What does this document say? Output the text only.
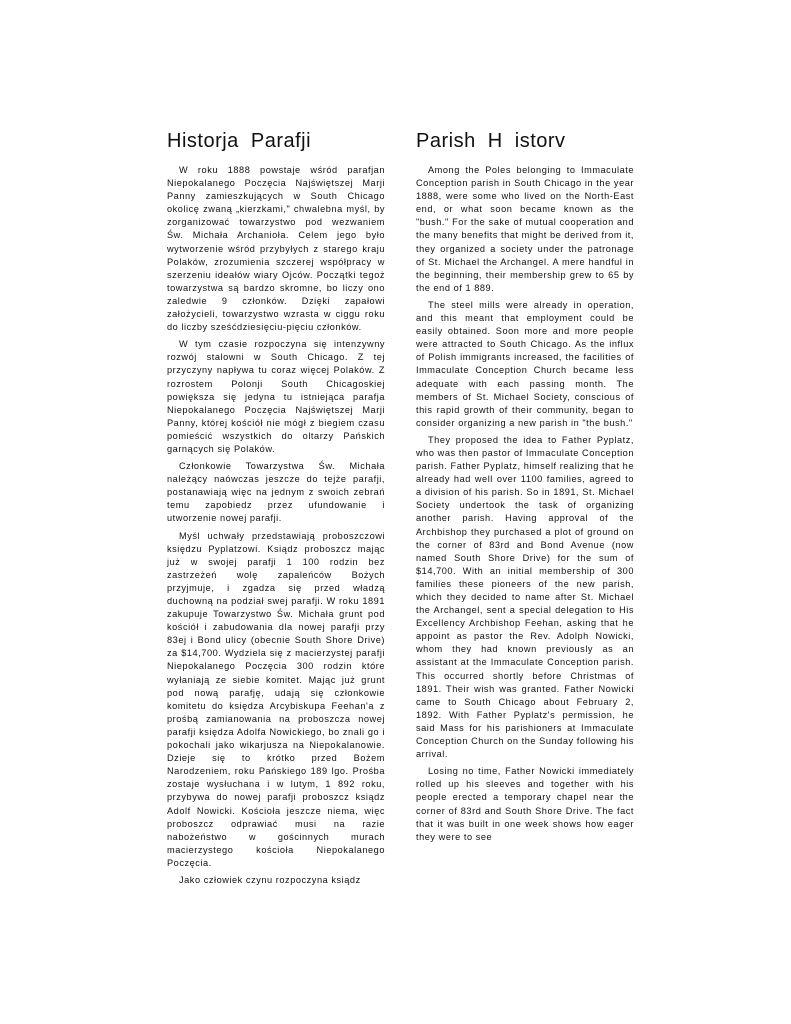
Historja Parafji

W roku 1888 powstaje wśród parafjan Niepokalanego Poczęcia Najświętszej Marji Panny zamieszkujących w South Chicago okolicę zwaną „kierzkami," chwalebna myśl, by zorganizować towarzystwo pod wezwaniem Św. Michała Archanioła. Celem jego było wytworzenie wśród przybyłych z starego kraju Polaków, zrozumienia szczerej współpracy w szerzeniu ideałów wiary Ojców. Początki tegoż towarzystwa są bardzo skromne, bo liczy ono zaledwie 9 członków. Dzięki zapałowi założycieli, towarzystwo wzrasta w ciggu roku do liczby sześćdziesięciu-pięciu członków.

W tym czasie rozpoczyna się intenzywny rozwój stalowni w South Chicago. Z tej przyczyny napływa tu coraz więcej Polaków. Z rozrostem Polonji South Chicagoskiej powiększa się jedyna tu istniejąca parafja Niepokalanego Poczęcia Najświętszej Marji Panny, której kościół nie mógł z biegiem czasu pomieścić wszystkich do oltarzy Pańskich garnących się Polaków.

Członkowie Towarzystwa Św. Michała należący naówczas jeszcze do tejże parafji, postanawiają więc na jednym z swoich zebrań temu zapobiedz przez ufundowanie i utworzenie nowej parafji.

Myśl uchwały przedstawiają proboszczowi księdzu Pyplatzowi. Ksiądz proboszcz mając już w swojej parafji 1 100 rodzin bez zastrzeżeń wolę zapaleńców Bożych przyjmuje, i zgadza się przed władzą duchowną na podział swej parafji. W roku 1891 zakupuje Towarzystwo Św. Michała grunt pod kościół i zabudowania dla nowej parafji przy 83ej i Bond ulicy (obecnie South Shore Drive) za $14,700. Wydziela się z macierzystej parafji Niepokalanego Poczęcia 300 rodzin które wyłaniają ze siebie komitet. Mając już grunt pod nową parafję, udają się członkowie komitetu do księdza Arcybiskupa Feehan'a z prośbą zamianowania na proboszcza nowej parafji księdza Adolfa Nowickiego, bo znali go i pokochali jako wikarjusza na Niepokalanowie. Dzieje się to krótko przed Bożem Narodzeniem, roku Pańskiego 189 lgo. Prośba zostaje wysłuchana i w lutym, 1 892 roku, przybywa do nowej parafji proboszcz ksiądz Adolf Nowicki. Kościoła jeszcze niema, więc proboszcz odprawiać musi na razie nabożeństwo w gościnnych murach macierzystego kościoła Niepokalanego Poczęcia.

Jako człowiek czynu rozpoczyna ksiądz

Parish H istorv

Among the Poles belonging to Immaculate Conception parish in South Chicago in the year 1888, were some who lived on the North-East end, or what soon became known as the "bush." For the sake of mutual cooperation and the many benefits that might be derived from it, they organized a society under the patronage of St. Michael the Archangel. A mere handful in the beginning, their membership grew to 65 by the end of 1 889.

The steel mills were already in operation, and this meant that employment could be easily obtained. Soon more and more people were attracted to South Chicago. As the influx of Polish immigrants increased, the facilities of Immaculate Conception Church became less adequate with each passing month. The members of St. Michael Society, conscious of this rapid growth of their community, began to consider organizing a new parish in "the bush."

They proposed the idea to Father Pyplatz, who was then pastor of Immaculate Conception parish. Father Pyplatz, himself realizing that he already had well over 1100 families, agreed to a division of his parish. So in 1891, St. Michael Society undertook the task of organizing another parish. Having approval of the Archbishop they purchased a plot of ground on the corner of 83rd and Bond Avenue (now named South Shore Drive) for the sum of $14,700. With an initial membership of 300 families these pioneers of the new parish, which they decided to name after St. Michael the Archangel, sent a special delegation to His Excellency Archbishop Feehan, asking that he appoint as pastor the Rev. Adolph Nowicki, whom they had known previously as an assistant at the Immaculate Conception parish. This occurred shortly before Christmas of 1891. Their wish was granted. Father Nowicki came to South Chicago about February 2, 1892. With Father Pyplatz's permission, he said Mass for his parishioners at Immaculate Conception Church on the Sunday following his arrival.

Losing no time, Father Nowicki immediately rolled up his sleeves and together with his people erected a temporary chapel near the corner of 83rd and South Shore Drive. The fact that it was built in one week shows how eager they were to see
